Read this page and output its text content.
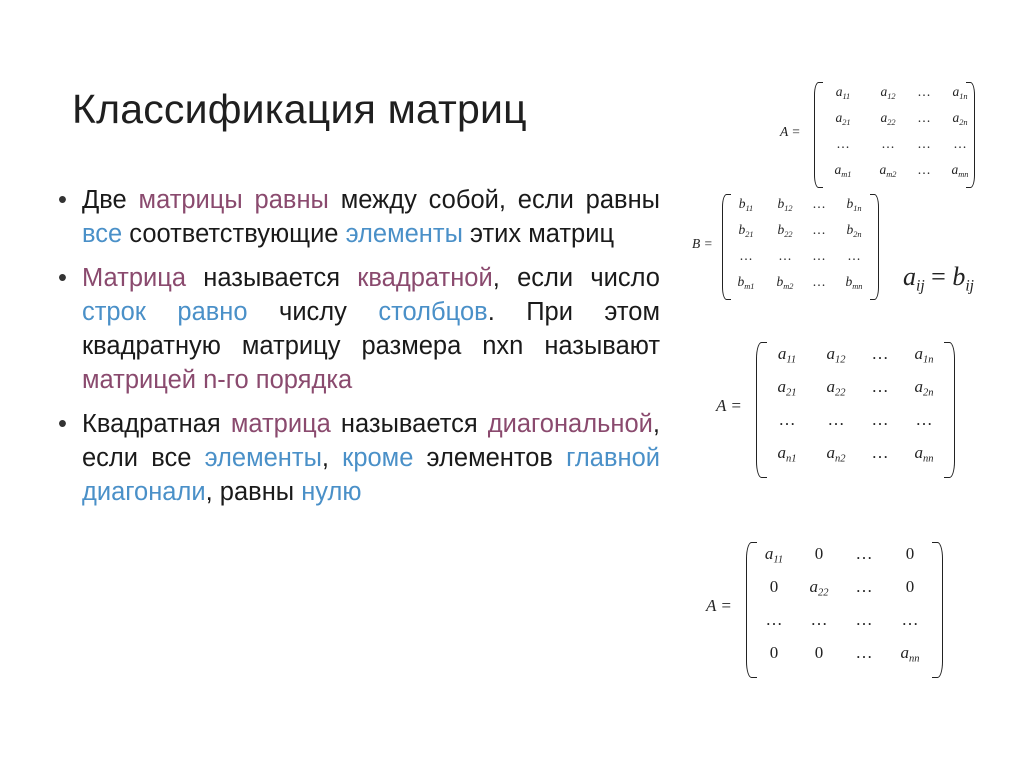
Классификация матриц
• Две матрицы равны между собой, если равны все соответствующие элементы этих матриц
• Матрица называется квадратной, если число строк равно числу столбцов. При этом квадратную матрицу размера nxn называют матрицей n-го порядка
• Квадратная матрица называется диагональной, если все элементы, кроме элементов главной диагонали, равны нулю
A =
$a_{11}$	$a_{12}$	…	$a_{1n}$
$a_{21}$	$a_{22}$	…	$a_{2n}$
…	…	…	…
$a_{m1}$	$a_{m2}$	…	$a_{mn}$
B =
$b_{11}$	$b_{12}$	…	$b_{1n}$
$b_{21}$	$b_{22}$	…	$b_{2n}$
…	…	…	…
$b_{m1}$	$b_{m2}$	…	$b_{mn}$	$a_{ij} = b_{ij}$
A =
$a_{11}$	$a_{12}$	…	$a_{1n}$
$a_{21}$	$a_{22}$	…	$a_{2n}$
…	…	…	…
$a_{n1}$	$a_{n2}$	…	$a_{nn}$
A =
$a_{11}$	0	…	0
0	$a_{22}$	…	0
…	…	…	…
0	0	…	$a_{nn}$
